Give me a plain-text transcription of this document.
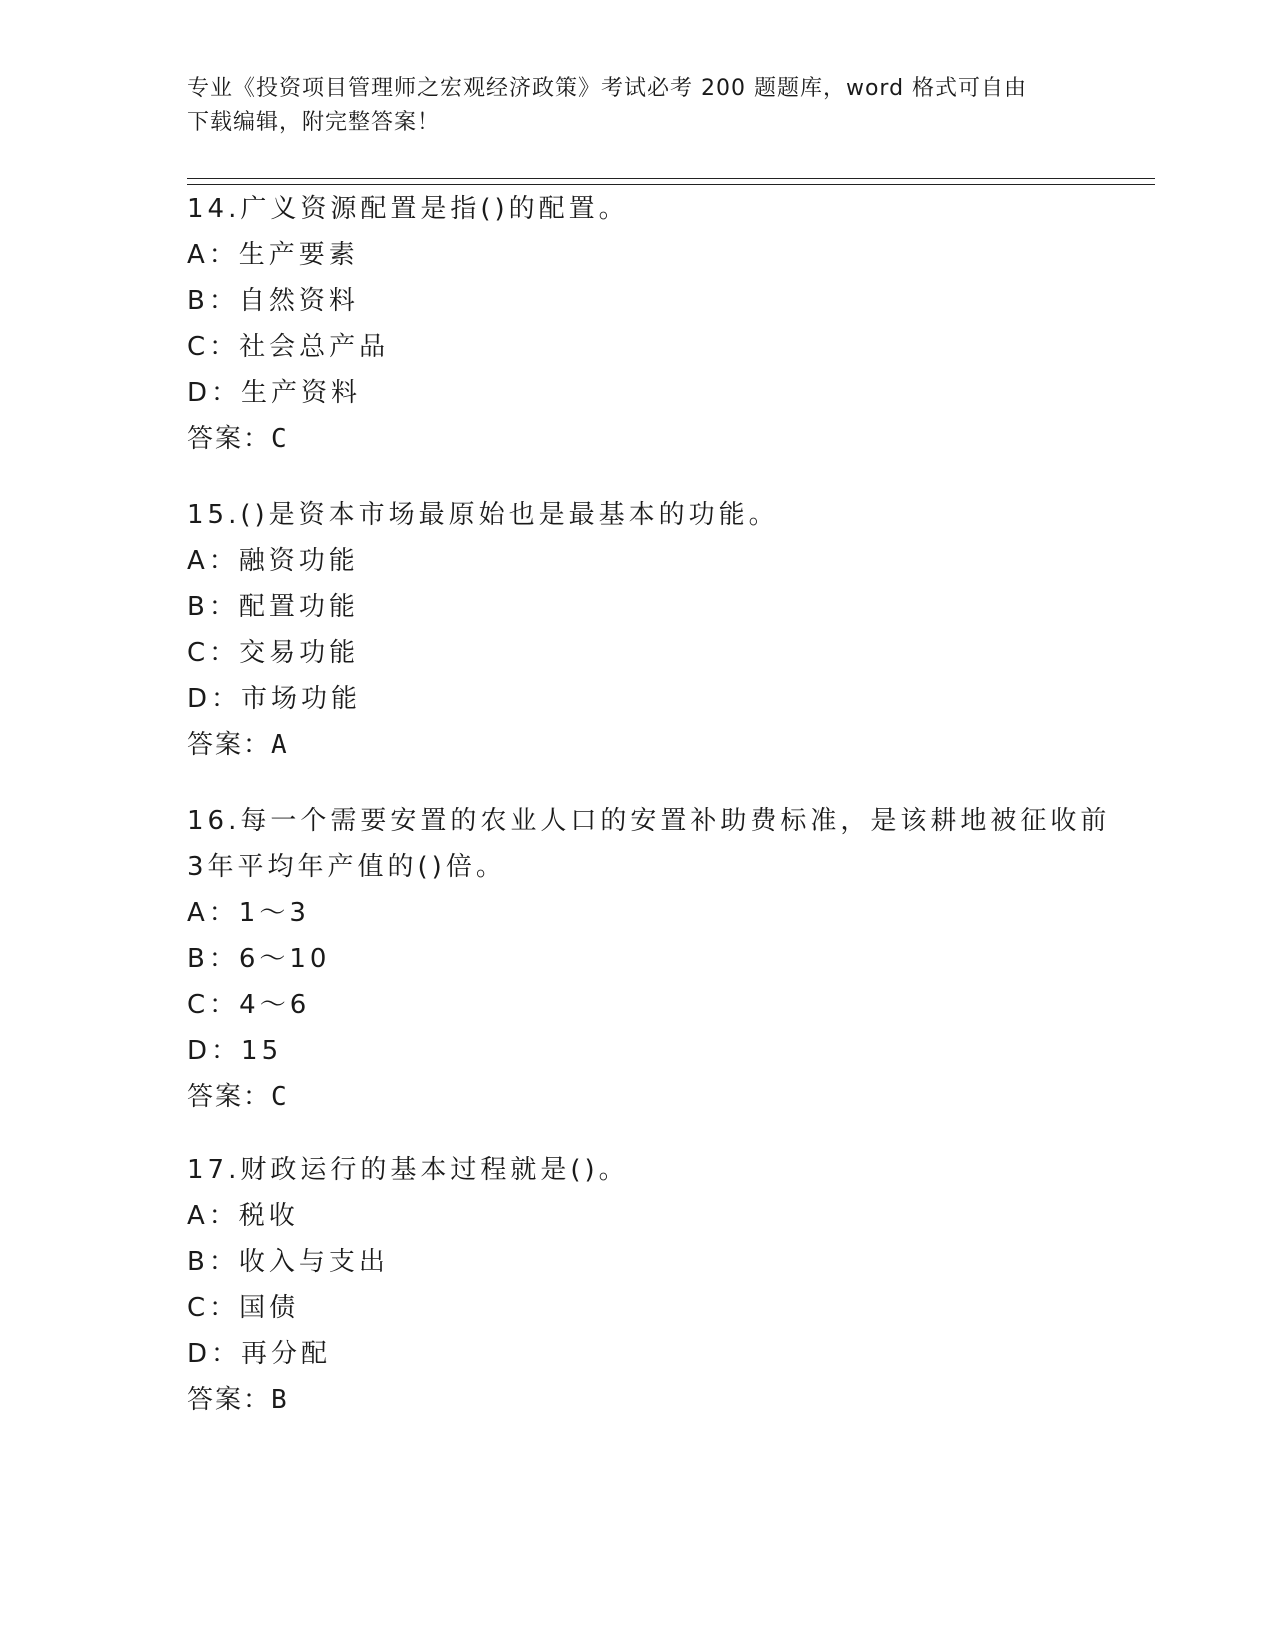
专业《投资项目管理师之宏观经济政策》考试必考 200 题题库，word 格式可自由
下载编辑，附完整答案！
14.广义资源配置是指()的配置。
A：生产要素
B：自然资料
C：社会总产品
D：生产资料
答案：C
15.()是资本市场最原始也是最基本的功能。
A：融资功能
B：配置功能
C：交易功能
D：市场功能
答案：A
16.每一个需要安置的农业人口的安置补助费标准，是该耕地被征收前
3年平均年产值的()倍。
A：1～3
B：6～10
C：4～6
D：15
答案：C
17.财政运行的基本过程就是()。
A：税收
B：收入与支出
C：国债
D：再分配
答案：B
